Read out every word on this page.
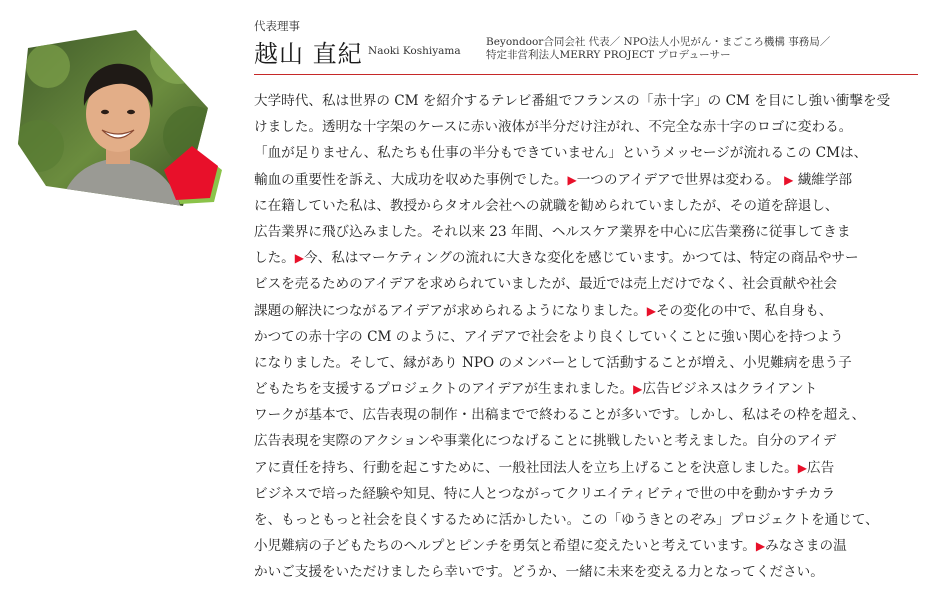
代表理事
越山 直紀 Naoki Koshiyama
Beyondoor合同会社 代表／ NPO法人小児がん・まごころ機構 事務局／
特定非営利法人MERRY PROJECT プロデューサー
大学時代、私は世界の CM を紹介するテレビ番組でフランスの「赤十字」の CM を目にし強い衝撃を受
けました。透明な十字架のケースに赤い液体が半分だけ注がれ、不完全な赤十字のロゴに変わる。
「血が足りません、私たちも仕事の半分もできていません」というメッセージが流れるこの CMは、
輸血の重要性を訴え、大成功を収めた事例でした。▶一つのアイデアで世界は変わる。 ▶ 繊維学部
に在籍していた私は、教授からタオル会社への就職を勧められていましたが、その道を辞退し、
広告業界に飛び込みました。それ以来 23 年間、ヘルスケア業界を中心に広告業務に従事してきま
した。▶今、私はマーケティングの流れに大きな変化を感じています。かつては、特定の商品やサー
ビスを売るためのアイデアを求められていましたが、最近では売上だけでなく、社会貢献や社会
課題の解決につながるアイデアが求められるようになりました。▶その変化の中で、私自身も、
かつての赤十字の CM のように、アイデアで社会をより良くしていくことに強い関心を持つよう
になりました。そして、縁があり NPO のメンバーとして活動することが増え、小児難病を患う子
どもたちを支援するプロジェクトのアイデアが生まれました。▶広告ビジネスはクライアント
ワークが基本で、広告表現の制作・出稿までで終わることが多いです。しかし、私はその枠を超え、
広告表現を実際のアクションや事業化につなげることに挑戦したいと考えました。自分のアイデ
アに責任を持ち、行動を起こすために、一般社団法人を立ち上げることを決意しました。▶広告
ビジネスで培った経験や知見、特に人とつながってクリエイティビティで世の中を動かすチカラ
を、もっともっと社会を良くするために活かしたい。この「ゆうきとのぞみ」プロジェクトを通じて、
小児難病の子どもたちのヘルプとピンチを勇気と希望に変えたいと考えています。▶みなさまの温
かいご支援をいただけましたら幸いです。どうか、一緒に未来を変える力となってください。
